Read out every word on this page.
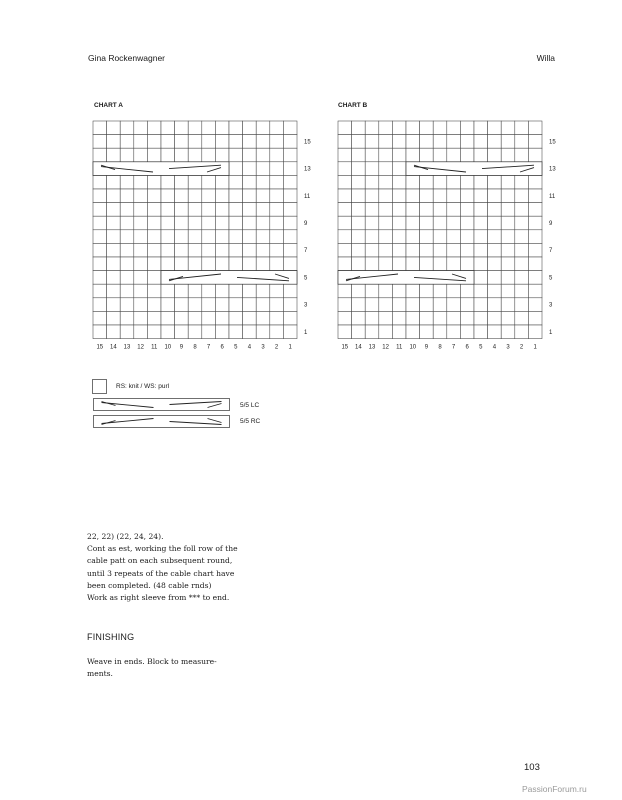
Gina Rockenwagner	Willa
CHART A	CHART B
15
13
11
9
7
5
3
1
15 14 13 12 11 10 9 8 7 6 5 4 3 2 1
15
13
11
9
7
5
3
1
15 14 13 12 11 10 9 8 7 6 5 4 3 2 1
RS: knit / WS: purl
5/5 LC
5/5 RC
22, 22) (22, 24, 24).
Cont as est, working the foll row of the
cable patt on each subsequent round,
until 3 repeats of the cable chart have
been completed. (48 cable rnds)
Work as right sleeve from *** to end.
FINISHING
Weave in ends. Block to measure-
ments.
103
PassionForum.ru
